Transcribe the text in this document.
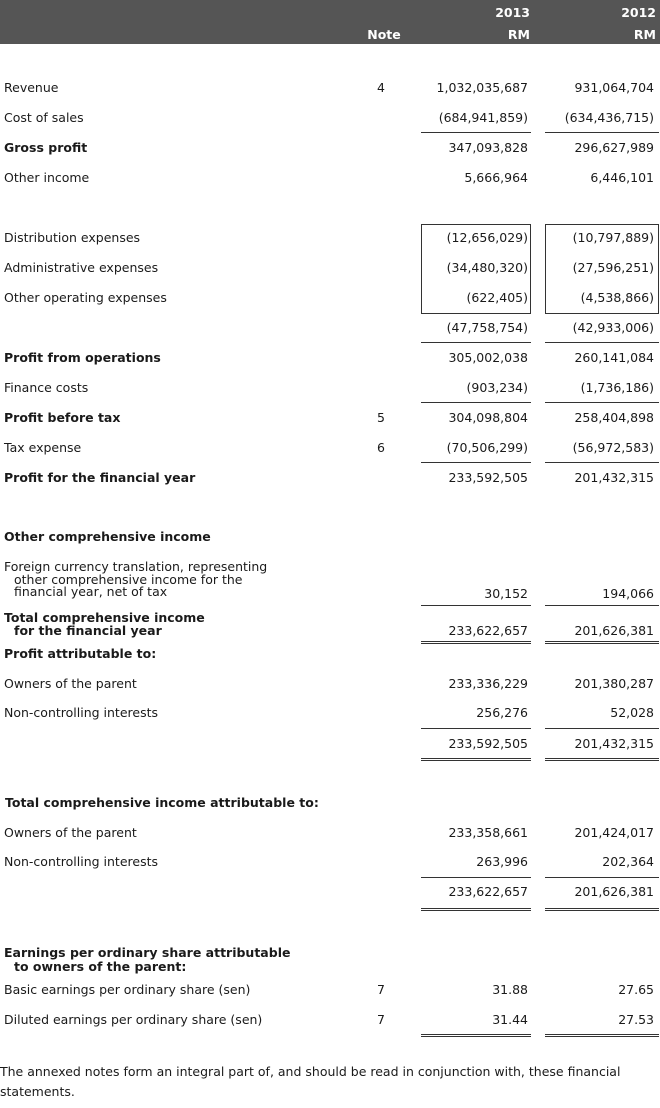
Note
2013	2012
RM	RM
Revenue	4	1,032,035,687	931,064,704
Cost of sales	(684,941,859)	(634,436,715)
Gross profit	347,093,828	296,627,989
Other income	5,666,964	6,446,101
Distribution expenses	(12,656,029)	(10,797,889)
Administrative expenses	(34,480,320)	(27,596,251)
Other operating expenses	(622,405)	(4,538,866)
(47,758,754)	(42,933,006)
Profit from operations	305,002,038	260,141,084
Finance costs	(903,234)	(1,736,186)
Profit before tax	5	304,098,804	258,404,898
Tax expense	6	(70,506,299)	(56,972,583)
Profit for the financial year	233,592,505	201,432,315
Other comprehensive income
Foreign currency translation, representing
other comprehensive income for the
financial year, net of tax	30,152	194,066
Total comprehensive income
for the financial year	233,622,657	201,626,381
Profit attributable to:
Owners of the parent	233,336,229	201,380,287
Non-controlling interests	256,276	52,028
233,592,505	201,432,315
Total comprehensive income attributable to:
Owners of the parent	233,358,661	201,424,017
Non-controlling interests	263,996	202,364
233,622,657	201,626,381
Earnings per ordinary share attributable
to owners of the parent:
Basic earnings per ordinary share (sen)	7	31.88	27.65
Diluted earnings per ordinary share (sen)	7	31.44	27.53

The annexed notes form an integral part of, and should be read in conjunction with, these financial statements.
